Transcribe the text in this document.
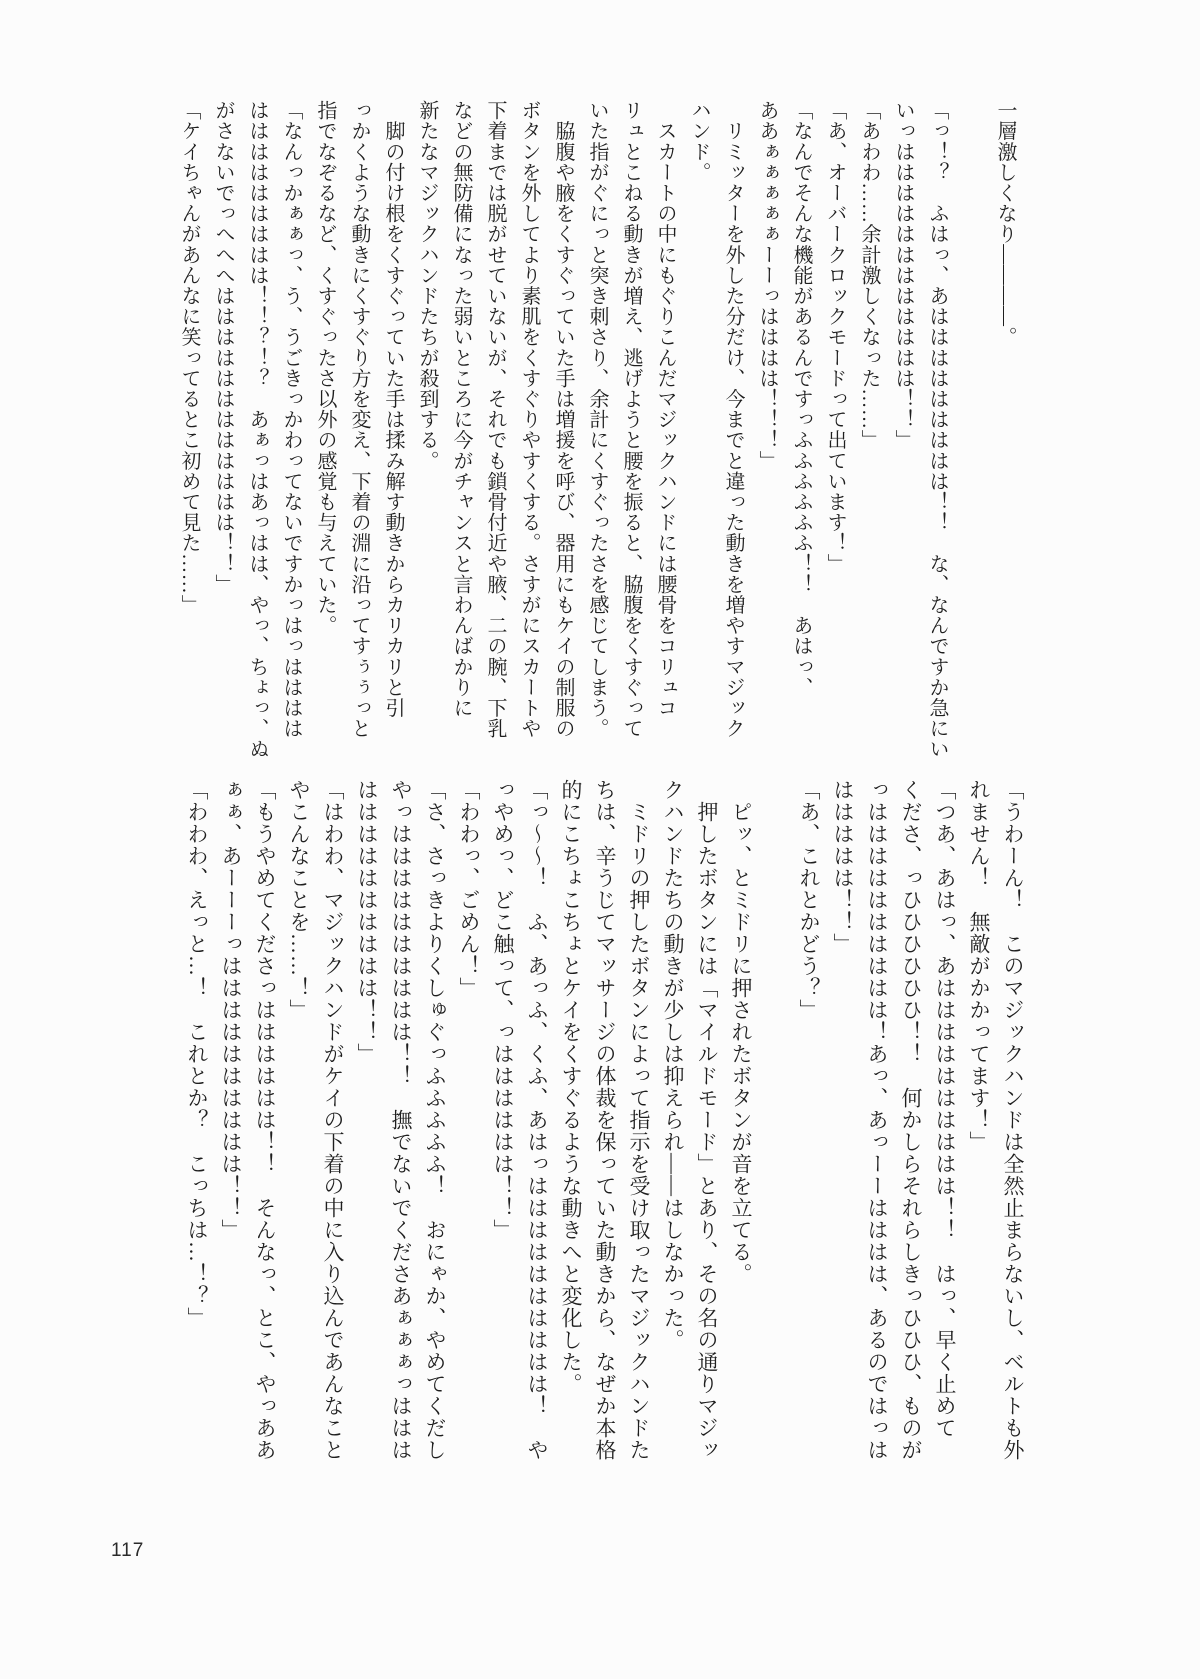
一層激しくなり――――。

「っ！？　ふはっ、あははははははははは！！　な、なんですか急にい

いっはははははははははははは！！」

「あわわ……余計激しくなった……」

「あ、オーバークロックモードって出ています！」

「なんでそんな機能があるんですっふふふふふふ！！　あはっ、

ああぁぁぁぁぁーーっはははは！！！」

　リミッターを外した分だけ、今までと違った動きを増やすマジック

ハンド。

　スカートの中にもぐりこんだマジックハンドには腰骨をコリュコ

リュとこねる動きが増え、逃げようと腰を振ると、脇腹をくすぐって

いた指がぐにっと突き刺さり、余計にくすぐったさを感じてしまう。

　脇腹や腋をくすぐっていた手は増援を呼び、器用にもケイの制服の

ボタンを外してより素肌をくすぐりやすくする。さすがにスカートや

下着までは脱がせていないが、それでも鎖骨付近や腋、二の腕、下乳

などの無防備になった弱いところに今がチャンスと言わんばかりに

新たなマジックハンドたちが殺到する。

　脚の付け根をくすぐっていた手は揉み解す動きからカリカリと引

っかくような動きにくすぐり方を変え、下着の淵に沿ってすぅぅっと

指でなぞるなど、くすぐったさ以外の感覚も与えていた。

「なんっかぁぁっ、う、うごきっかわってないですかっはっはははは

ははははははははは！！？！？　あぁっはあっはは、やっ、ちょっ、ぬ

がさないでっへへへはははははははははははは！！」

「ケイちゃんがあんなに笑ってるとこ初めて見た……」

「うわーん！　このマジックハンドは全然止まらないし、ベルトも外

れません！　無敵がかかってます！」

「つあ、あはっ、あはははははははははは！！　はっ、早く止めて

くださ、っひひひひひひ！！　何かしらそれらしきっひひひ、ものが

っはははははははははは！あっ、あっーーはははは、あるのではっは

ははははは！！」

「あ、これとかどう？」

　ピッ、とミドリに押されたボタンが音を立てる。

　押したボタンには「マイルドモード」とあり、その名の通りマジッ

クハンドたちの動きが少しは抑えられ――はしなかった。

　ミドリの押したボタンによって指示を受け取ったマジックハンドた

ちは、辛うじてマッサージの体裁を保っていた動きから、なぜか本格

的にこちょこちょとケイをくすぐるような動きへと変化した。

「っ～～！　ふ、あっふ、くふ、あはっはははははははははは！　や

っやめっ、どこ触って、っはははははは！！」

「わわっ、ごめん！」

「さ、さっきよりくしゅぐっふふふふふ！　おにゃか、やめてくだし

やっはははははははははは！！　撫でないでくださあぁぁぁっははは

はははははははははは！！」

「はわわ、マジックハンドがケイの下着の中に入り込んであんなこと

やこんなことを……！」

「もうやめてくださっはははははは！！　そんなっ、とこ、やっああ

ぁぁ、あーーーっはははははははははは！！」

「わわわ、えっと…！　これとか？　こっちは…！？」

117
